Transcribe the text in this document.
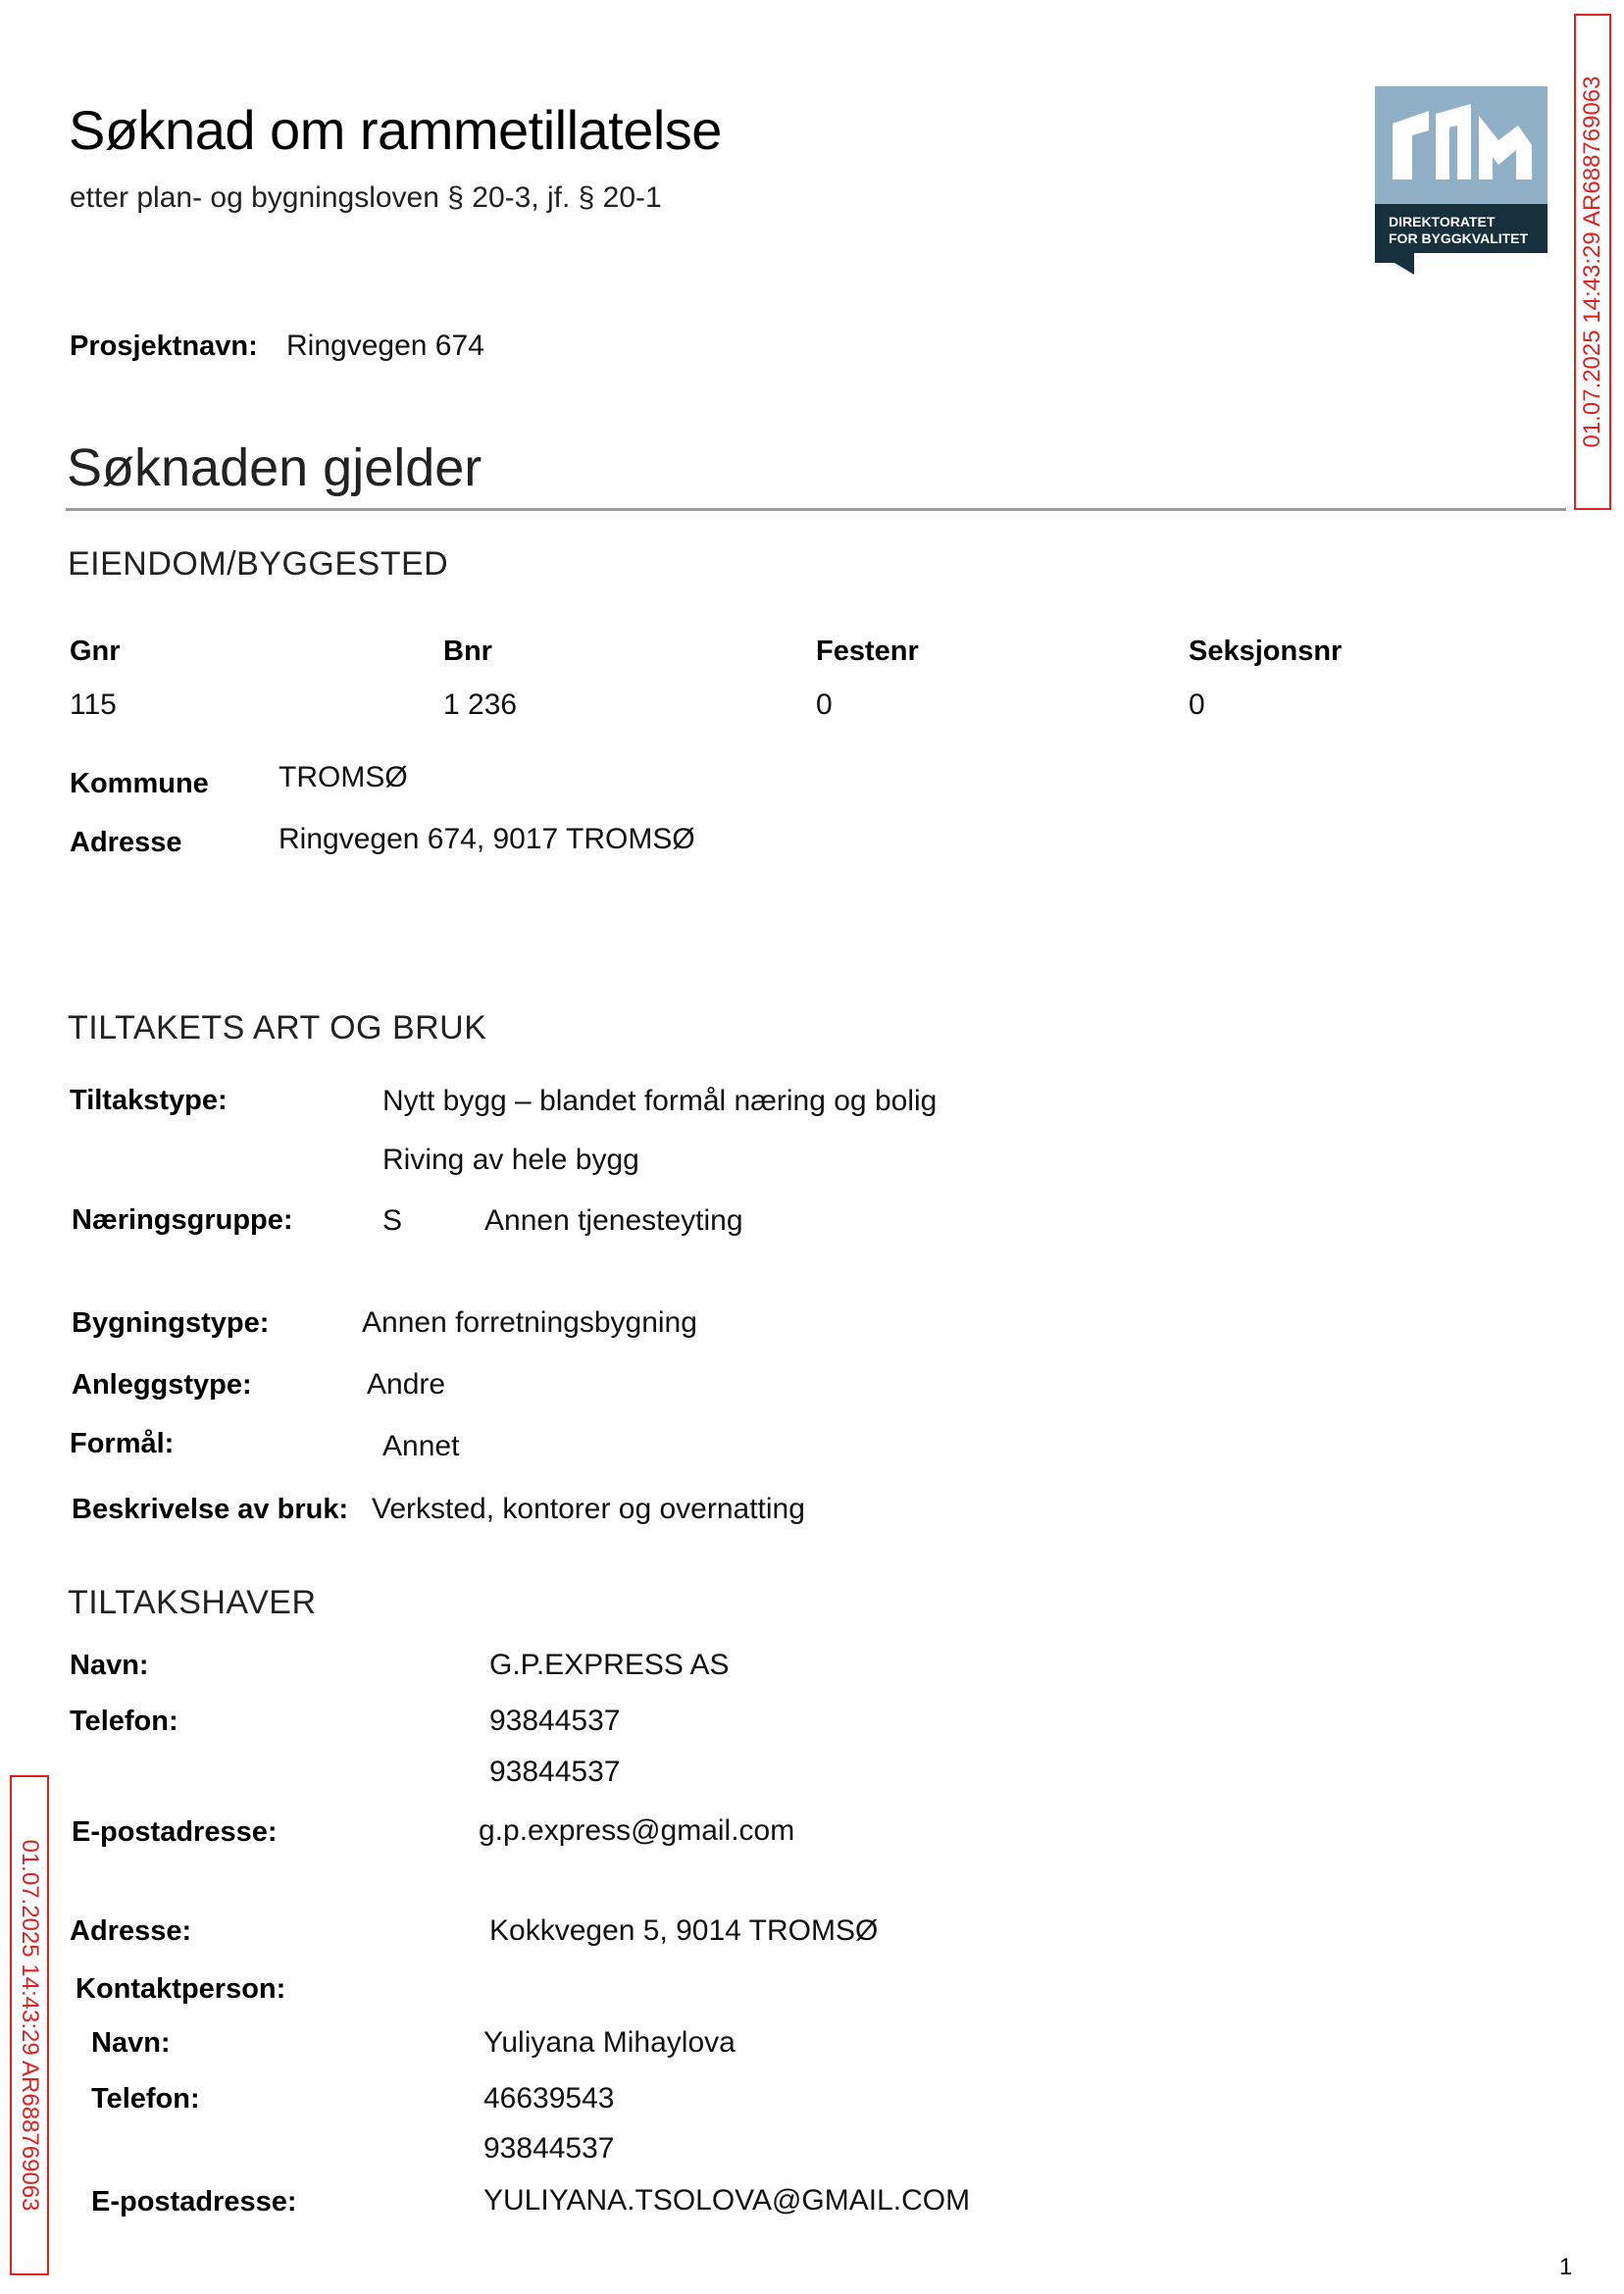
Søknad om rammetillatelse
etter plan- og bygningsloven § 20-3, jf. § 20-1
DIREKTORATET
FOR BYGGKVALITET 01.07.2025 14:43:29 AR688769063
Prosjektnavn: Ringvegen 674
Søknaden gjelder
EIENDOM/BYGGESTED
Gnr	Bnr	Festenr	Seksjonsnr
115	1 236	0	0
Kommune TROMSØ
Adresse	Ringvegen 674, 9017 TROMSØ
TILTAKETS ART OG BRUK
Tiltakstype:	Nytt bygg – blandet formål næring og bolig
Riving av hele bygg
Næringsgruppe:	S	Annen tjenesteyting
Bygningstype:	Annen forretningsbygning
Anleggstype:	Andre
Formål:	Annet
Beskrivelse av bruk: Verksted, kontorer og overnatting
TILTAKSHAVER
Navn:	G.P.EXPRESS AS
Telefon:	93844537
93844537
E-postadresse:	g.p.express@gmail.com
Adresse:	Kokkvegen 5, 9014 TROMSØ
Kontaktperson:
Navn:	Yuliyana Mihaylova
Telefon:	46639543
93844537
E-postadresse:	YULIYANA.TSOLOVA@GMAIL.COM
01.07.2025 14:43:29 AR688769063
1
